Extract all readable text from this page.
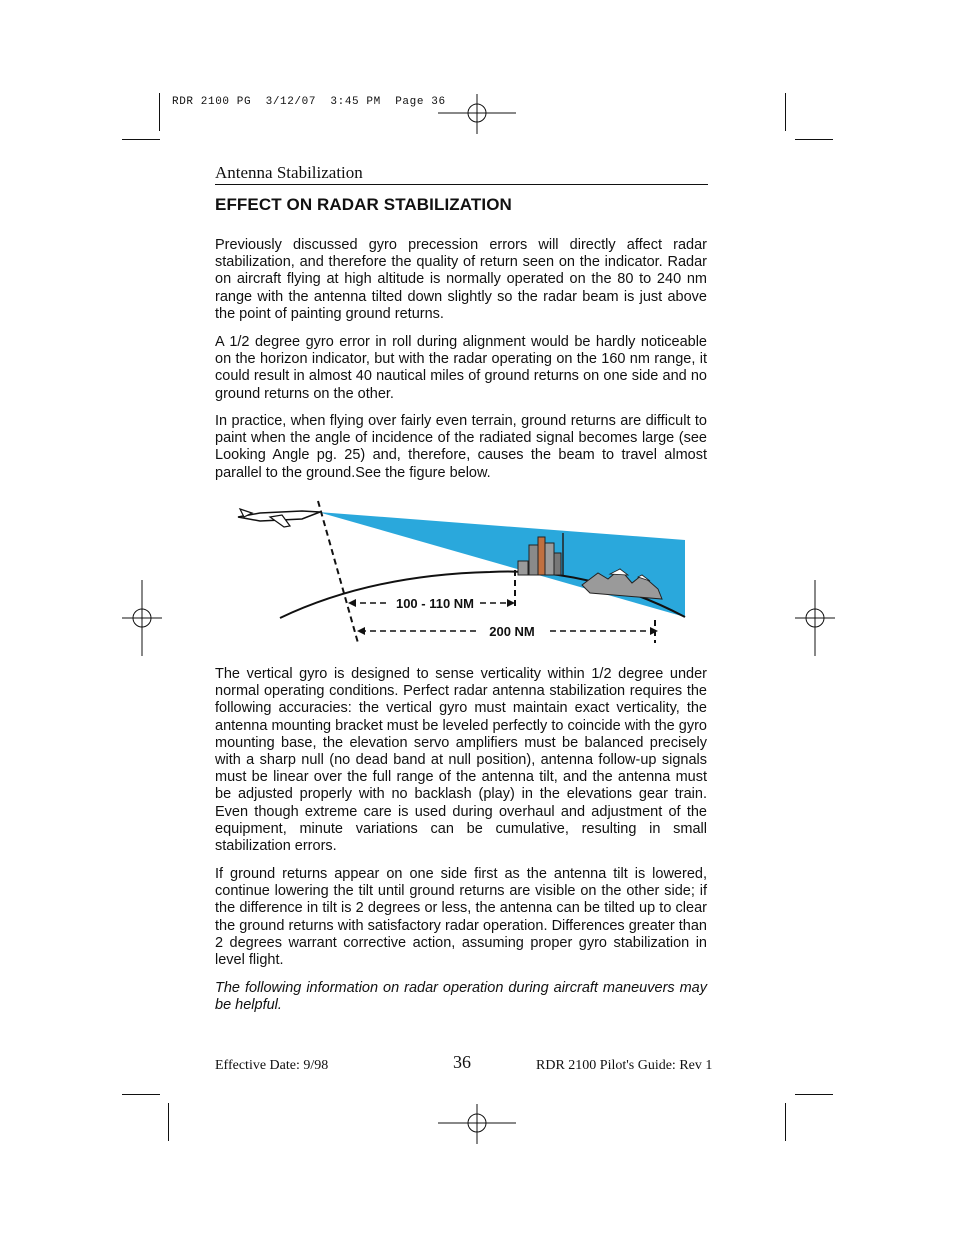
RDR 2100 PG  3/12/07  3:45 PM  Page 36
Antenna Stabilization
EFFECT ON RADAR STABILIZATION

Previously discussed gyro precession errors will directly affect radar stabilization, and therefore the quality of return seen on the indicator. Radar on aircraft flying at high altitude is normally operated on the 80 to 240 nm range with the antenna tilted down slightly so the radar beam is just above the point of painting ground returns.

A 1/2 degree gyro error in roll during alignment would be hardly noticeable on the horizon indicator, but with the radar operating on the 160 nm range, it could result in almost 40 nautical miles of ground returns on one side and no ground returns on the other.

In practice, when flying over fairly even terrain, ground returns are difficult to paint when the angle of incidence of the radiated signal becomes large (see Looking Angle pg. 25) and, therefore, causes the beam to travel almost parallel to the ground.See the figure below.

100 - 110 NM
200 NM

The vertical gyro is designed to sense verticality within 1/2 degree under normal operating conditions. Perfect radar antenna stabilization requires the following accuracies: the vertical gyro must maintain exact verticality, the antenna mounting bracket must be leveled perfectly to coincide with the gyro mounting base, the elevation servo amplifiers must be balanced precisely with a sharp null (no dead band at null position), antenna follow-up signals must be linear over the full range of the antenna tilt, and the antenna must be adjusted properly with no backlash (play) in the elevations gear train. Even though extreme care is used during overhaul and adjustment of the equipment, minute variations can be cumulative, resulting in small stabilization errors.

If ground returns appear on one side first as the antenna tilt is lowered, continue lowering the tilt until ground returns are visible on the other side; if the difference in tilt is 2 degrees or less, the antenna can be tilted up to clear the ground returns with satisfactory radar operation. Differences greater than 2 degrees warrant corrective action, assuming proper gyro stabilization in level flight.

The following information on radar operation during aircraft maneuvers may be helpful.

Effective Date: 9/98	36	RDR 2100 Pilot's Guide: Rev 1
